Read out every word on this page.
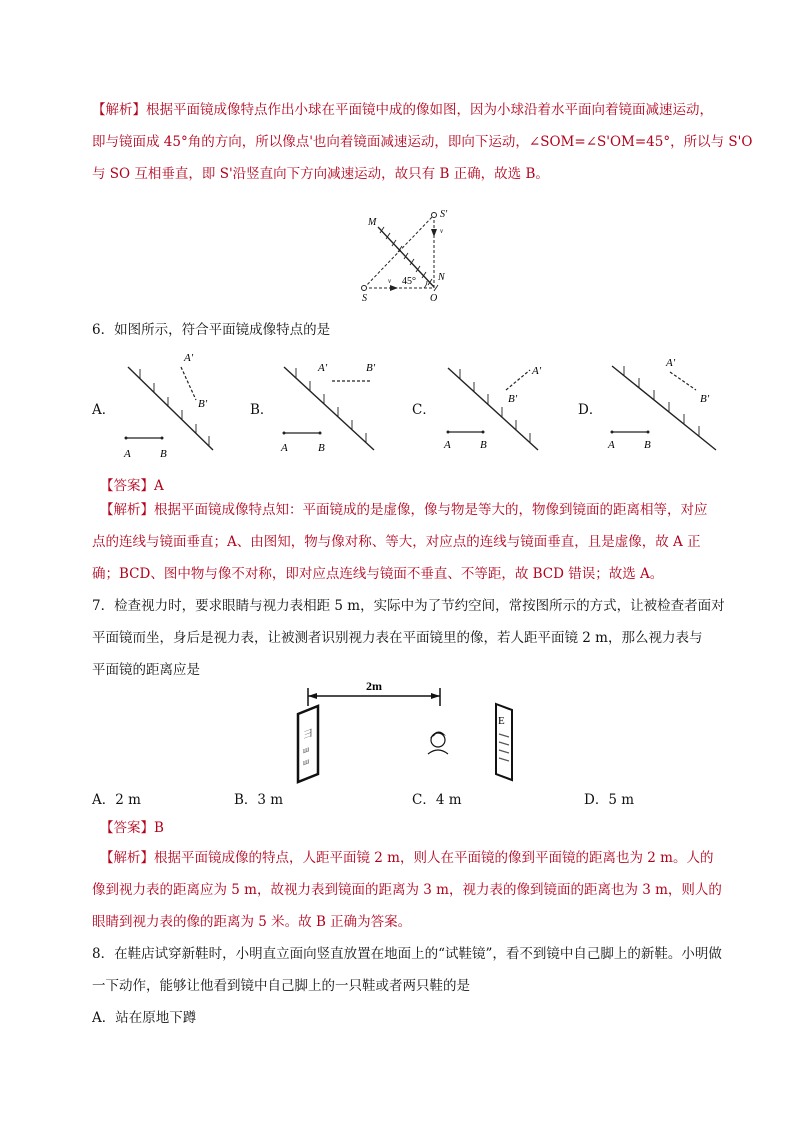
【解析】根据平面镜成像特点作出小球在平面镜中成的像如图，因为小球沿着水平面向着镜面减速运动，
即与镜面成 45°角的方向，所以像点'也向着镜面减速运动，即向下运动，∠SOM=∠S'OM=45°，所以与 S'O
与 SO 互相垂直，即 S'沿竖直向下方向减速运动，故只有 B 正确，故选 B。
M
S'
v
45° N
S
v
O
6．如图所示，符合平面镜成像特点的是
A．
A	B
A'
B'	B．
A	B
A'	B'
C．
A	B
A'
B'
D．
A	B
A'
B'
【答案】A
【解析】根据平面镜成像特点知：平面镜成的是虚像，像与物是等大的，物像到镜面的距离相等，对应
点的连线与镜面垂直；A、由图知，物与像对称、等大，对应点的连线与镜面垂直，且是虚像，故 A 正
确；BCD、图中物与像不对称，即对应点连线与镜面不垂直、不等距，故 BCD 错误；故选 A。
7．检查视力时，要求眼睛与视力表相距 5 m，实际中为了节约空间，常按图所示的方式，让被检查者面对
平面镜而坐，身后是视力表，让被测者识别视力表在平面镜里的像，若人距平面镜 2 m，那么视力表与
平面镜的距离应是
2m
彐
ш
ш
E
A．2 m	B．3 m	C．4 m	D．5 m
【答案】B
【解析】根据平面镜成像的特点，人距平面镜 2 m，则人在平面镜的像到平面镜的距离也为 2 m。人的
像到视力表的距离应为 5 m，故视力表到镜面的距离为 3 m，视力表的像到镜面的距离也为 3 m，则人的
眼睛到视力表的像的距离为 5 米。故 B 正确为答案。
8．在鞋店试穿新鞋时，小明直立面向竖直放置在地面上的“试鞋镜”，看不到镜中自己脚上的新鞋。小明做
一下动作，能够让他看到镜中自己脚上的一只鞋或者两只鞋的是
A．站在原地下蹲
